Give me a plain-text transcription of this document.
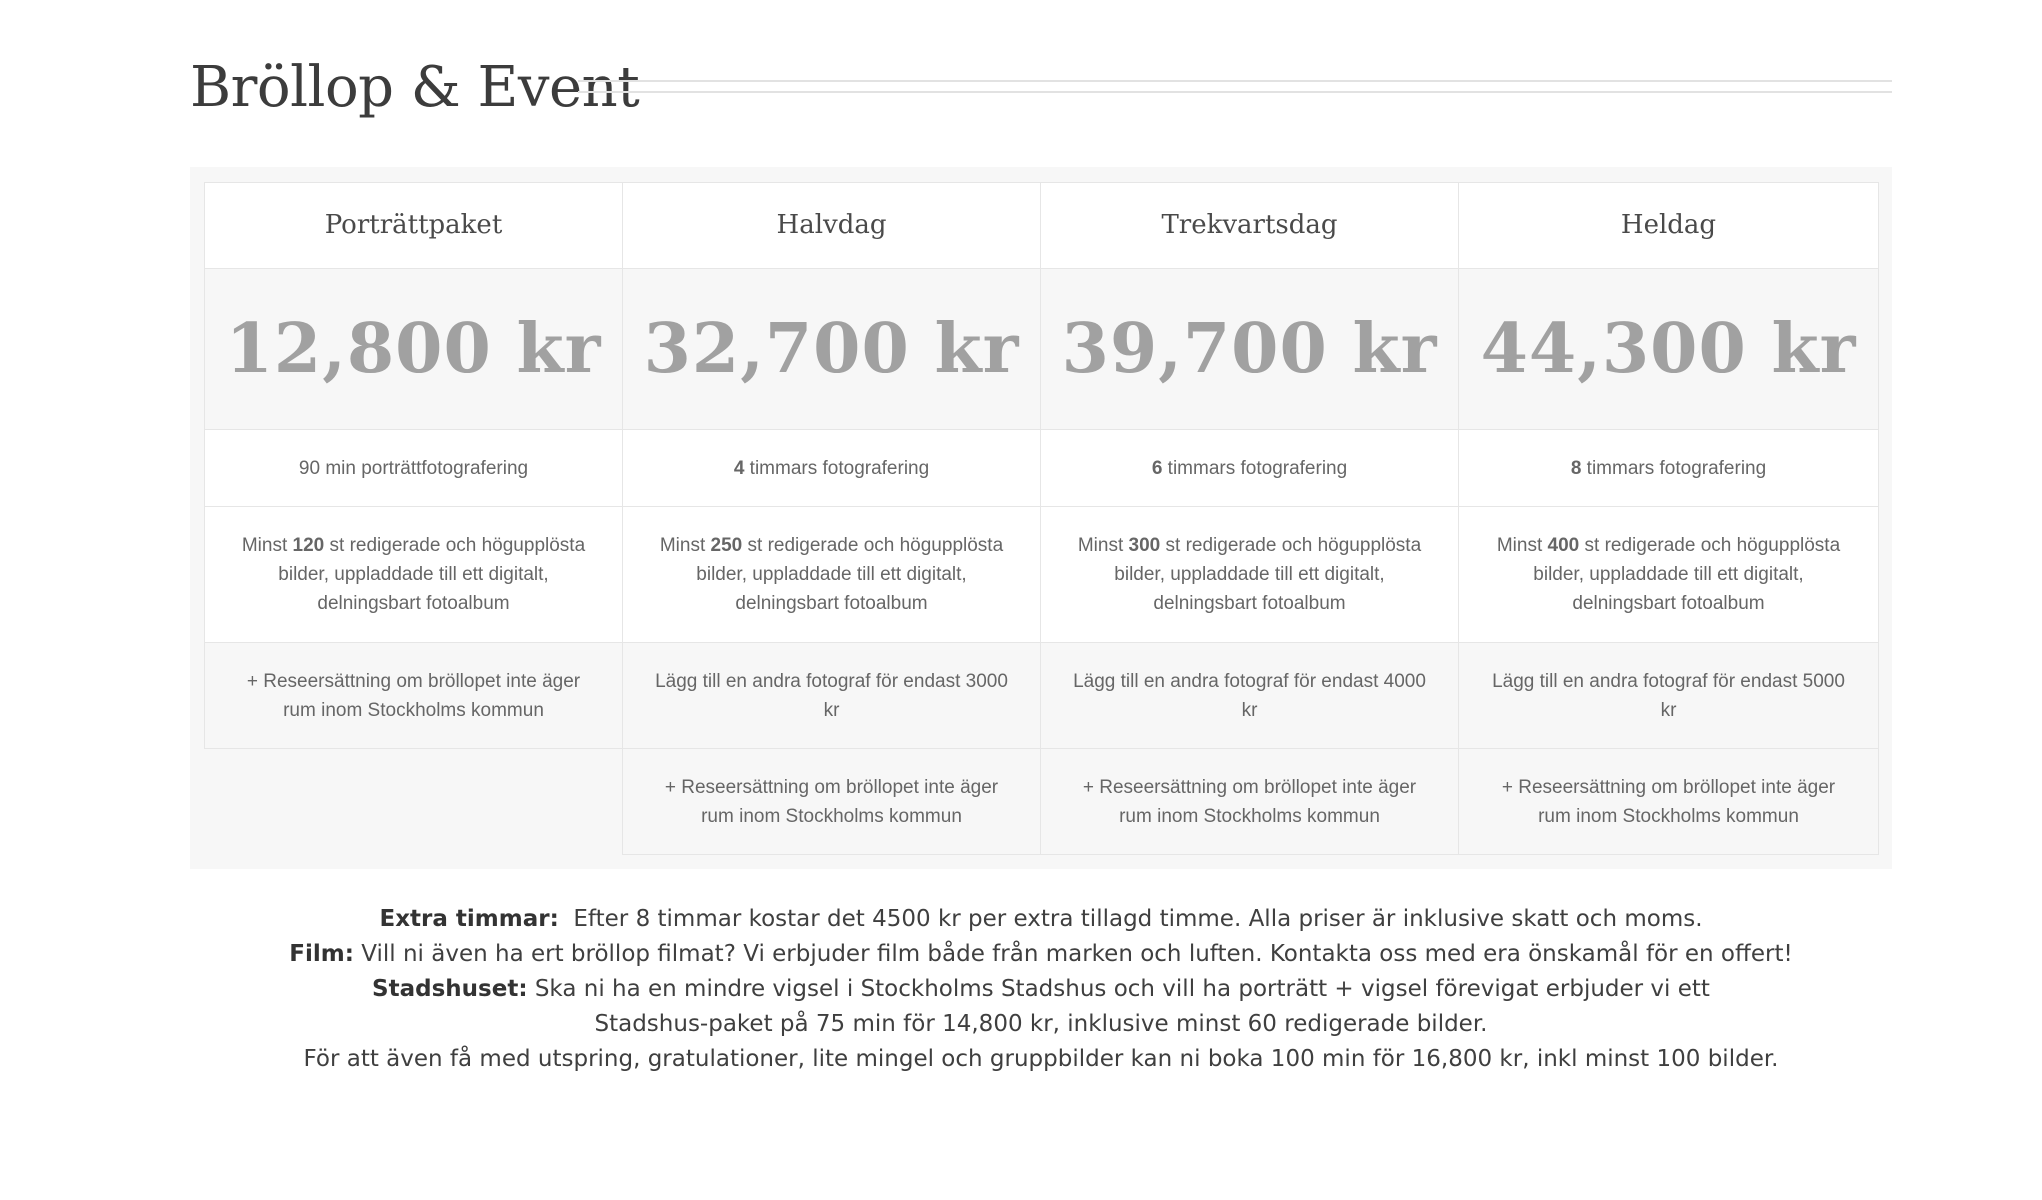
Bröllop & Event
Porträttpaket	Halvdag	Trekvartsdag	Heldag
12,800 kr	32,700 kr	39,700 kr	44,300 kr
90 min porträttfotografering	4 timmars fotografering	6 timmars fotografering	8 timmars fotografering
Minst 120 st redigerade och högupplösta bilder, uppladdade till ett digitalt, delningsbart fotoalbum	Minst 250 st redigerade och högupplösta bilder, uppladdade till ett digitalt, delningsbart fotoalbum	Minst 300 st redigerade och högupplösta bilder, uppladdade till ett digitalt, delningsbart fotoalbum	Minst 400 st redigerade och högupplösta bilder, uppladdade till ett digitalt, delningsbart fotoalbum
+ Reseersättning om bröllopet inte äger rum inom Stockholms kommun	Lägg till en andra fotograf för endast 3000 kr	Lägg till en andra fotograf för endast 4000 kr	Lägg till en andra fotograf för endast 5000 kr
	+ Reseersättning om bröllopet inte äger rum inom Stockholms kommun	+ Reseersättning om bröllopet inte äger rum inom Stockholms kommun	+ Reseersättning om bröllopet inte äger rum inom Stockholms kommun

Extra timmar:  Efter 8 timmar kostar det 4500 kr per extra tillagd timme. Alla priser är inklusive skatt och moms.

Film: Vill ni även ha ert bröllop filmat? Vi erbjuder film både från marken och luften. Kontakta oss med era önskamål för en offert!

Stadshuset: Ska ni ha en mindre vigsel i Stockholms Stadshus och vill ha porträtt + vigsel förevigat erbjuder vi ett

Stadshus-paket på 75 min för 14,800 kr, inklusive minst 60 redigerade bilder.

För att även få med utspring, gratulationer, lite mingel och gruppbilder kan ni boka 100 min för 16,800 kr, inkl minst 100 bilder.
